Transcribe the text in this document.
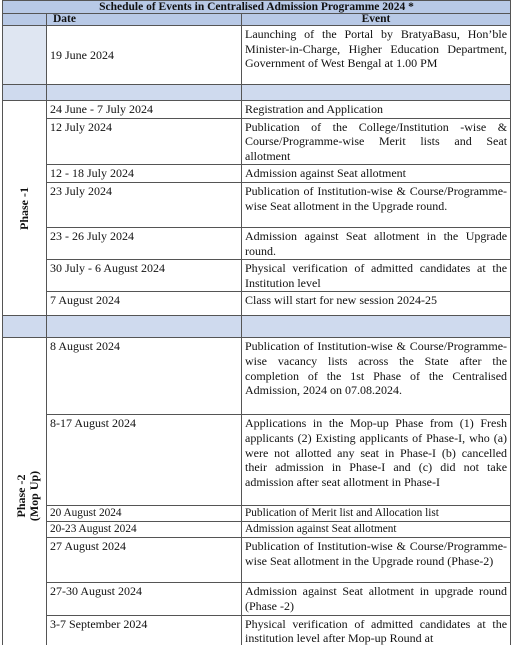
Schedule of Events in Centralised Admission Programme 2024 *		
	Date	Event
	19 June 2024	Launching of the Portal by BratyaBasu, Hon’ble Minister-in-Charge, Higher Education Department, Government of West Bengal at 1.00 PM

Phase -1	24 June - 7 July 2024	Registration and Application
	12 July 2024	Publication of the College/Institution -wise & Course/Programme-wise Merit lists and Seat allotment
	12 - 18 July 2024	Admission against Seat allotment
	23 July 2024	Publication of Institution-wise & Course/Programme-wise Seat allotment in the Upgrade round.
	23 - 26 July 2024	Admission against Seat allotment in the Upgrade round.
	30 July - 6 August 2024	Physical verification of admitted candidates at the Institution level
	7 August 2024	Class will start for new session 2024-25

Phase -2
(Mop Up)	8 August 2024	Publication of Institution-wise & Course/Programme-wise vacancy lists across the State after the completion of the 1st Phase of the Centralised Admission, 2024 on 07.08.2024.
	8-17 August 2024	Applications in the Mop-up Phase from (1) Fresh applicants (2) Existing applicants of Phase-I, who (a) were not allotted any seat in Phase-I (b) cancelled their admission in Phase-I and (c) did not take admission after seat allotment in Phase-I
	20 August 2024	Publication of Merit list and Allocation list
	20-23 August 2024	Admission against Seat allotment
	27 August 2024	Publication of Institution-wise & Course/Programme-wise Seat allotment in the Upgrade round (Phase-2)
	27-30 August 2024	Admission against Seat allotment in upgrade round (Phase -2)
	3-7 September 2024	Physical verification of admitted candidates at the institution level after Mop-up Round at
